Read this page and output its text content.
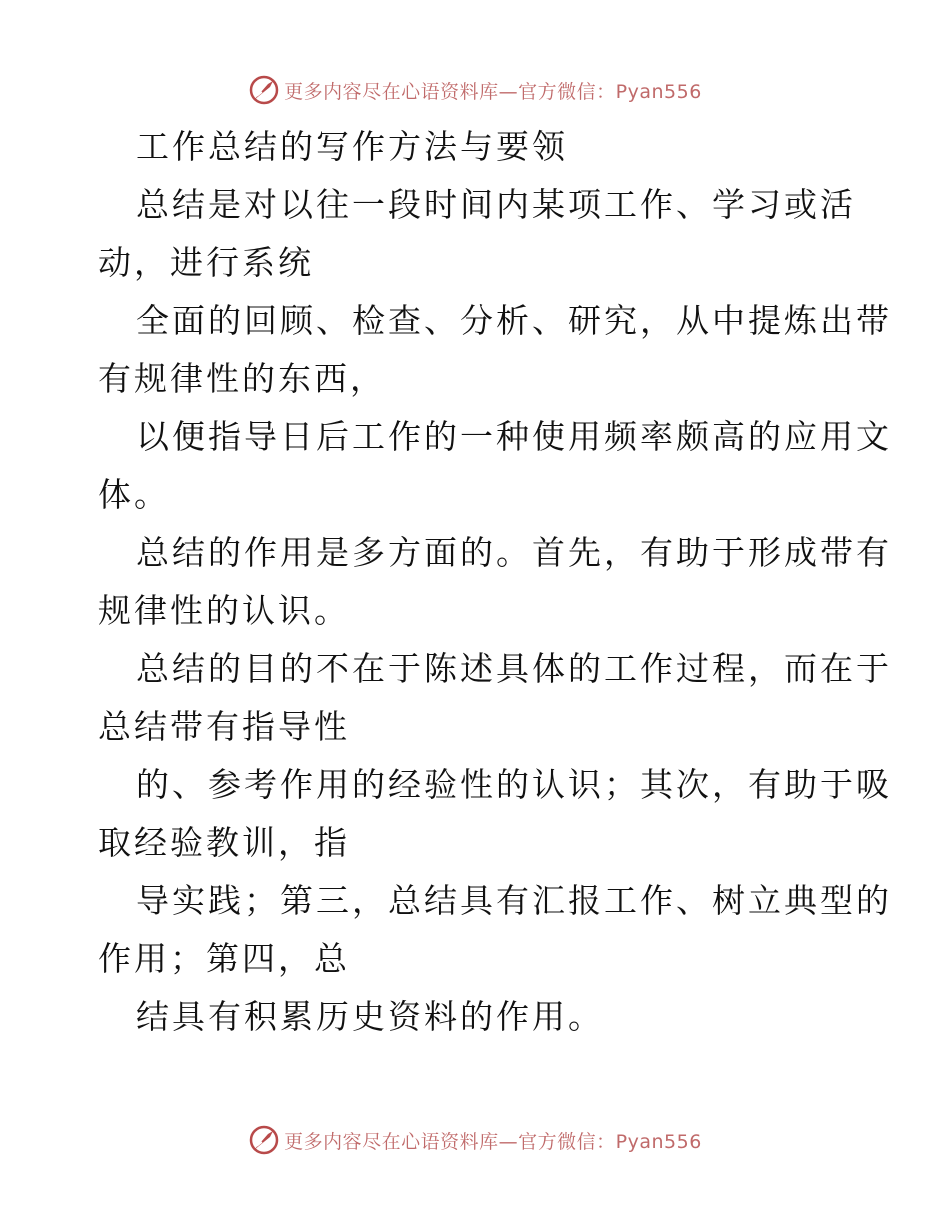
更多内容尽在心语资料库—官方微信：Pyan556
工作总结的写作方法与要领
总结是对以往一段时间内某项工作、学习或活
动，进行系统
全面的回顾、检查、分析、研究，从中提炼出带
有规律性的东西，
以便指导日后工作的一种使用频率颇高的应用文
体。
总结的作用是多方面的。首先，有助于形成带有
规律性的认识。
总结的目的不在于陈述具体的工作过程，而在于
总结带有指导性
的、参考作用的经验性的认识；其次，有助于吸
取经验教训，指
导实践；第三，总结具有汇报工作、树立典型的
作用；第四，总
结具有积累历史资料的作用。
更多内容尽在心语资料库—官方微信：Pyan556
